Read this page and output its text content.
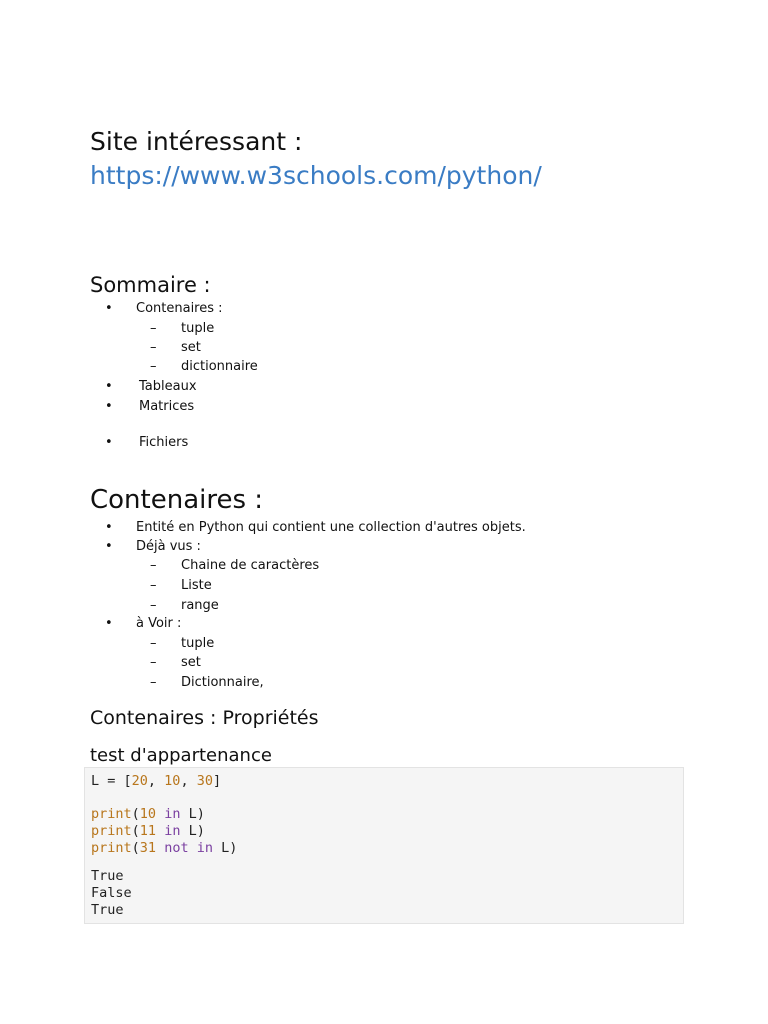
Site intéressant :
https://www.w3schools.com/python/
Sommaire :
• Contenaires :
– tuple
– set
– dictionnaire
• Tableaux
• Matrices
• Fichiers
Contenaires :
• Entité en Python qui contient une collection d'autres objets.
• Déjà vus :
– Chaine de caractères
– Liste
– range
• à Voir :
– tuple
– set
– Dictionnaire,
Contenaires : Propriétés
test d'appartenance
L = [20, 10, 30]
print(10 in L)
print(11 in L)
print(31 not in L)
True
False
True
